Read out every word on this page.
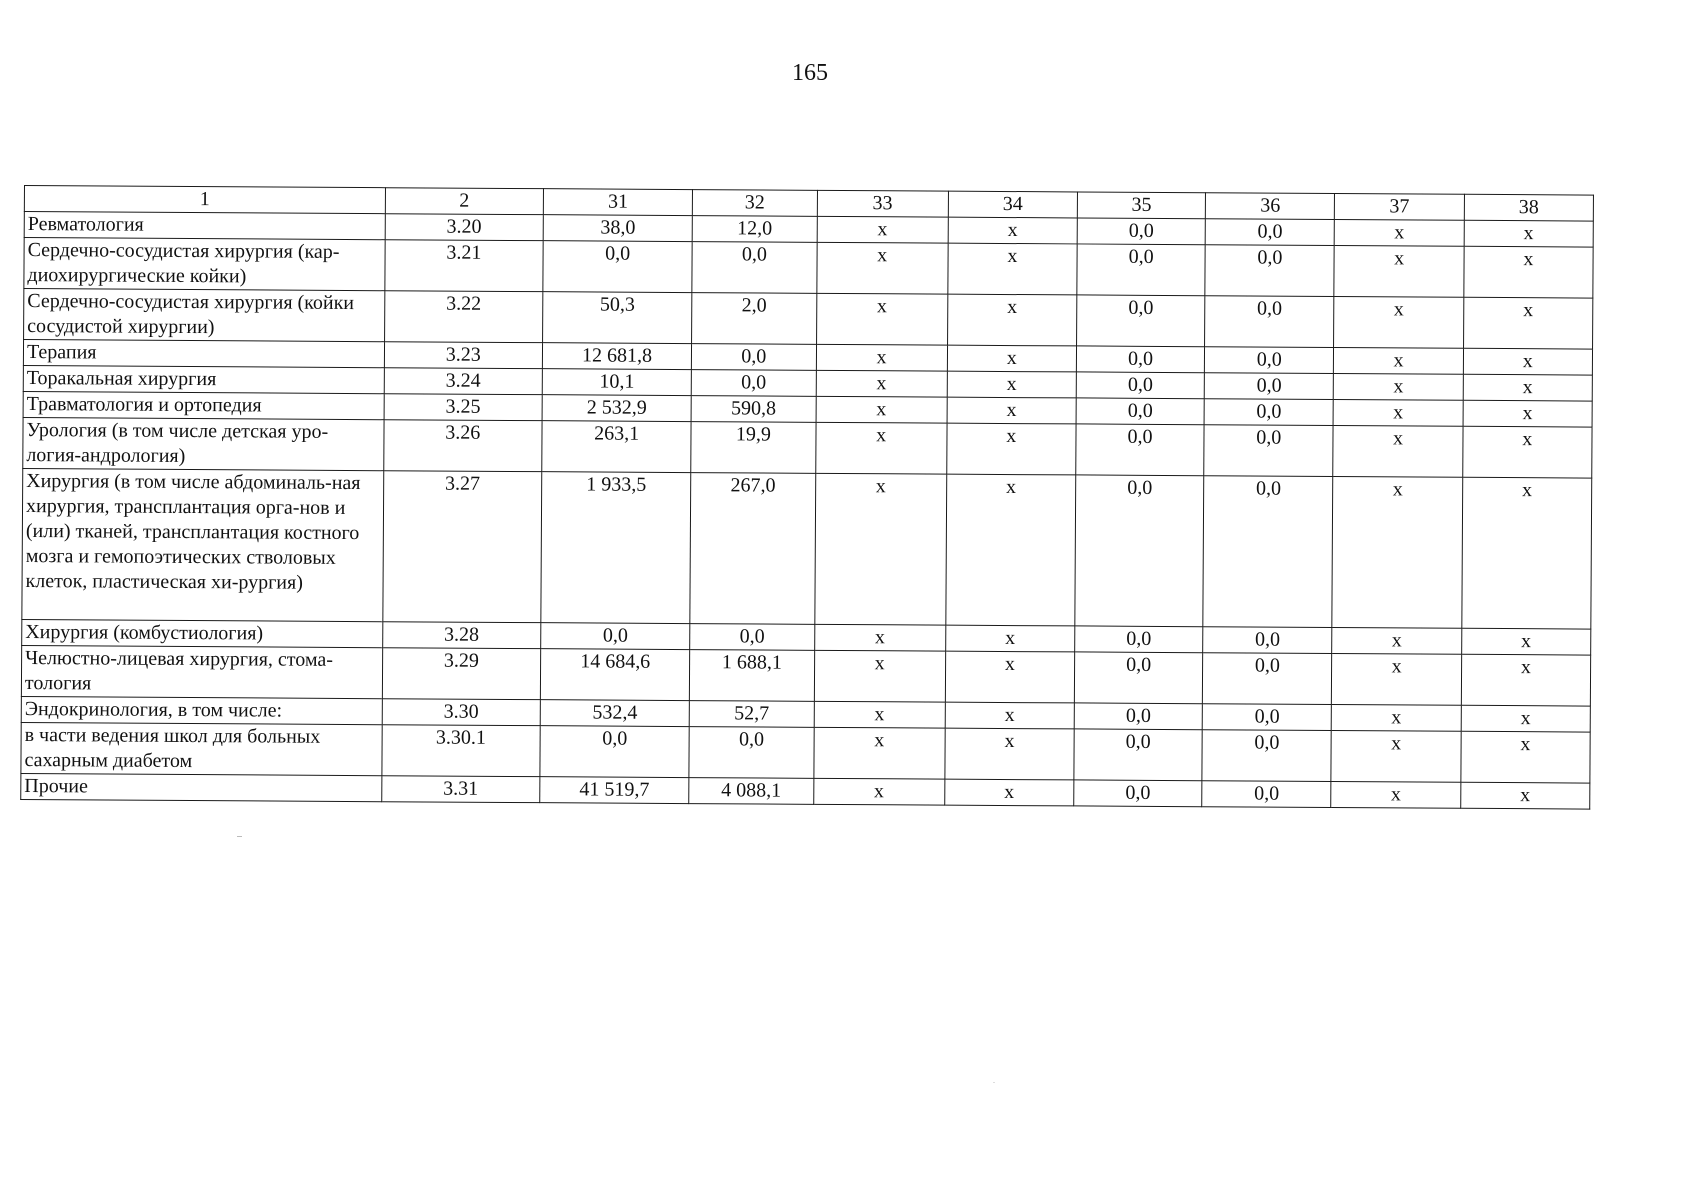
165
1	2	31	32	33	34	35	36	37	38
Ревматология	3.20	38,0	12,0	х	х	0,0	0,0	х	х
Сердечно-сосудистая хирургия (кар-диохирургические койки)	3.21	0,0	0,0	х	х	0,0	0,0	х	х
Сердечно-сосудистая хирургия (койки сосудистой хирургии)	3.22	50,3	2,0	х	х	0,0	0,0	х	х
Терапия	3.23	12 681,8	0,0	х	х	0,0	0,0	х	х
Торакальная хирургия	3.24	10,1	0,0	х	х	0,0	0,0	х	х
Травматология и ортопедия	3.25	2 532,9	590,8	х	х	0,0	0,0	х	х
Урология (в том числе детская уро-логия-андрология)	3.26	263,1	19,9	х	х	0,0	0,0	х	х
Хирургия (в том числе абдоминаль-ная хирургия, трансплантация орга-нов и (или) тканей, трансплантация костного мозга и гемопоэтических стволовых клеток, пластическая хи-рургия)	3.27	1 933,5	267,0	х	х	0,0	0,0	х	х
Хирургия (комбустиология)	3.28	0,0	0,0	х	х	0,0	0,0	х	х
Челюстно-лицевая хирургия, стома-тология	3.29	14 684,6	1 688,1	х	х	0,0	0,0	х	х
Эндокринология, в том числе:	3.30	532,4	52,7	х	х	0,0	0,0	х	х
в части ведения школ для больных сахарным диабетом	3.30.1	0,0	0,0	х	х	0,0	0,0	х	х
Прочие	3.31	41 519,7	4 088,1	х	х	0,0	0,0	х	х
